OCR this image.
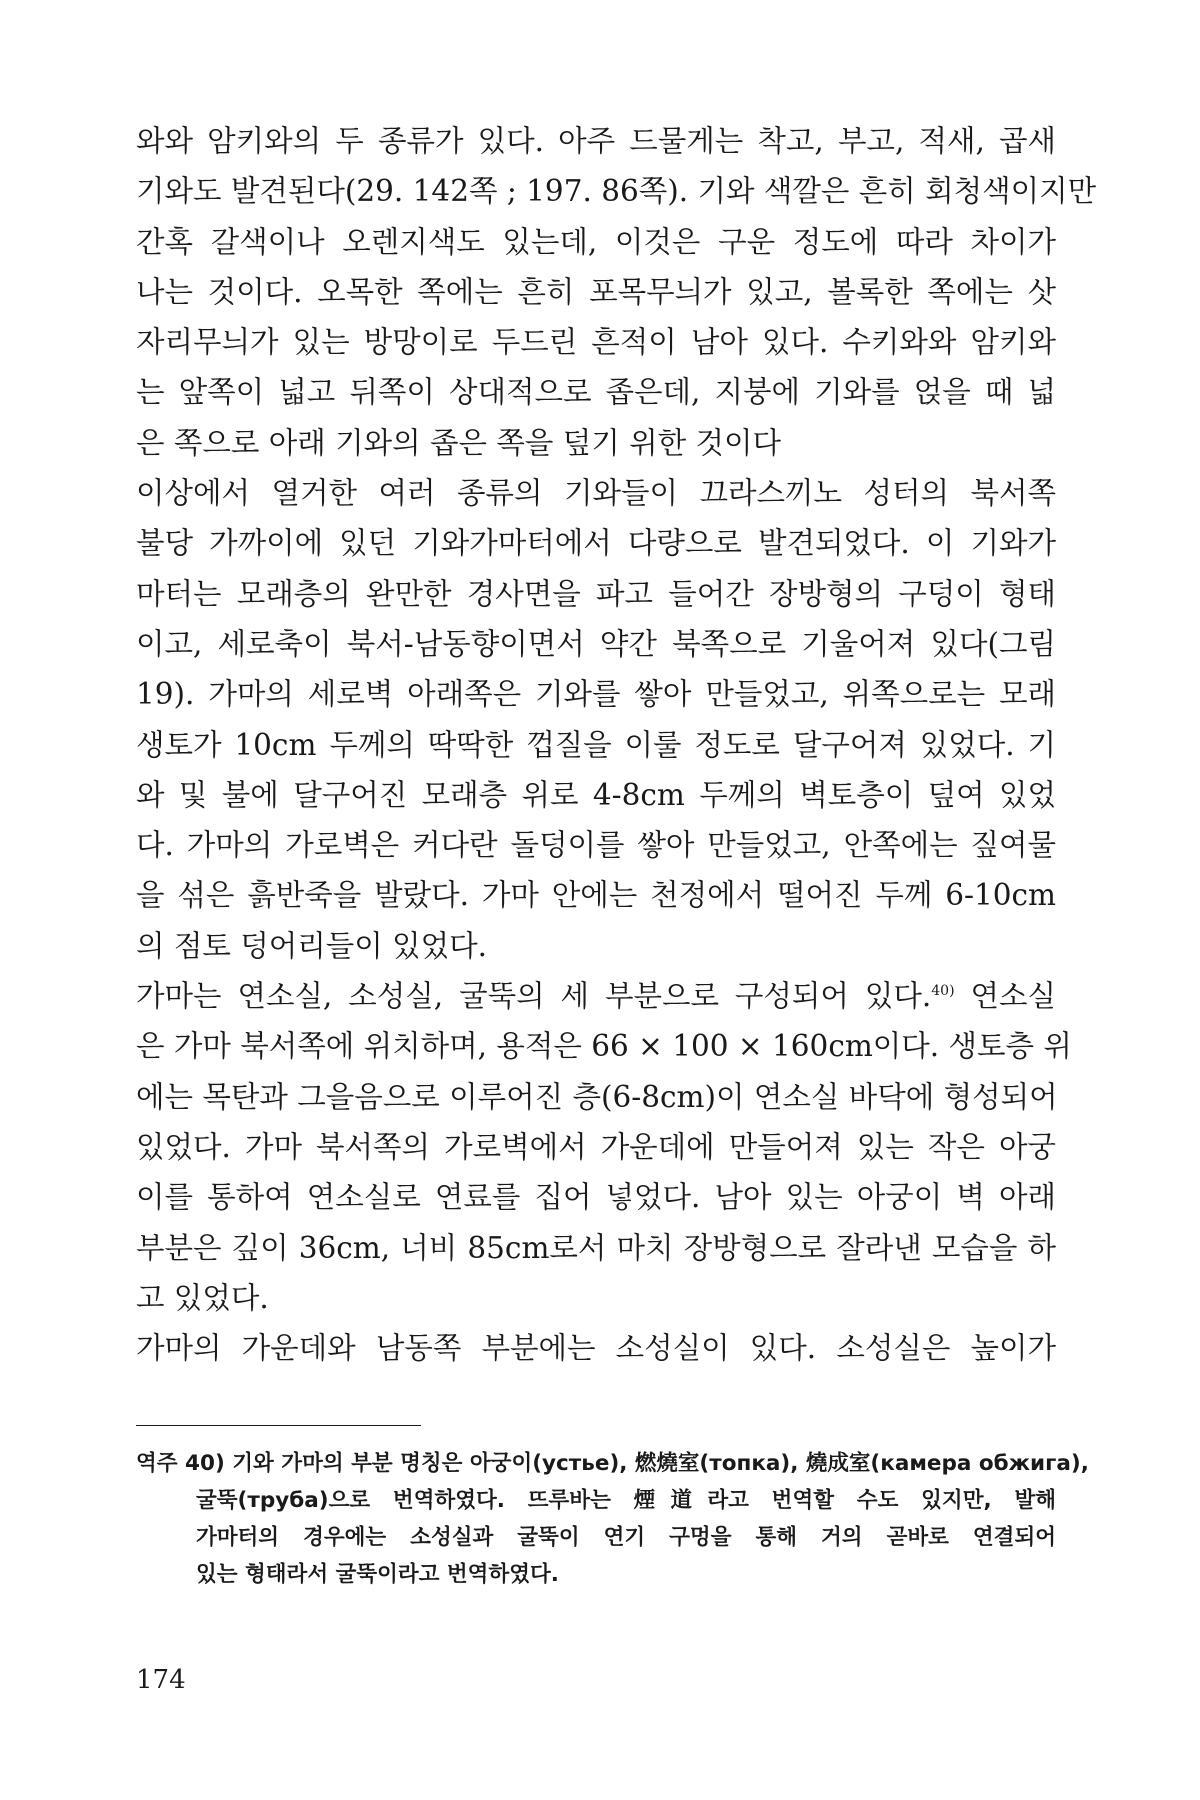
와와 암키와의 두 종류가 있다. 아주 드물게는 착고, 부고, 적새, 곱새
기와도 발견된다(29. 142쪽 ; 197. 86쪽). 기와 색깔은 흔히 회청색이지만
간혹 갈색이나 오렌지색도 있는데, 이것은 구운 정도에 따라 차이가
나는 것이다. 오목한 쪽에는 흔히 포목무늬가 있고, 볼록한 쪽에는 삿
자리무늬가 있는 방망이로 두드린 흔적이 남아 있다. 수키와와 암키와
는 앞쪽이 넓고 뒤쪽이 상대적으로 좁은데, 지붕에 기와를 얹을 때 넓
은 쪽으로 아래 기와의 좁은 쪽을 덮기 위한 것이다
이상에서 열거한 여러 종류의 기와들이 끄라스끼노 성터의 북서쪽
불당 가까이에 있던 기와가마터에서 다량으로 발견되었다. 이 기와가
마터는 모래층의 완만한 경사면을 파고 들어간 장방형의 구덩이 형태
이고, 세로축이 북서-남동향이면서 약간 북쪽으로 기울어져 있다(그림
19). 가마의 세로벽 아래쪽은 기와를 쌓아 만들었고, 위쪽으로는 모래
생토가 10cm 두께의 딱딱한 껍질을 이룰 정도로 달구어져 있었다. 기
와 및 불에 달구어진 모래층 위로 4-8cm 두께의 벽토층이 덮여 있었
다. 가마의 가로벽은 커다란 돌덩이를 쌓아 만들었고, 안쪽에는 짚여물
을 섞은 흙반죽을 발랐다. 가마 안에는 천정에서 떨어진 두께 6-10cm
의 점토 덩어리들이 있었다.
가마는 연소실, 소성실, 굴뚝의 세 부분으로 구성되어 있다.$^{40)}$ 연소실
은 가마 북서쪽에 위치하며, 용적은 66 × 100 × 160cm이다. 생토층 위
에는 목탄과 그을음으로 이루어진 층(6-8cm)이 연소실 바닥에 형성되어
있었다. 가마 북서쪽의 가로벽에서 가운데에 만들어져 있는 작은 아궁
이를 통하여 연소실로 연료를 집어 넣었다. 남아 있는 아궁이 벽 아래
부분은 깊이 36cm, 너비 85cm로서 마치 장방형으로 잘라낸 모습을 하
고 있었다.
가마의 가운데와 남동쪽 부분에는 소성실이 있다. 소성실은 높이가
역주 40) 기와 가마의 부분 명칭은 아궁이(устье), 燃燒室(топка), 燒成室(камера обжига),
굴뚝(труба)으로 번역하였다. 뜨루바는 煙道라고 번역할 수도 있지만, 발해
가마터의 경우에는 소성실과 굴뚝이 연기 구멍을 통해 거의 곧바로 연결되어
있는 형태라서 굴뚝이라고 번역하였다.
174
